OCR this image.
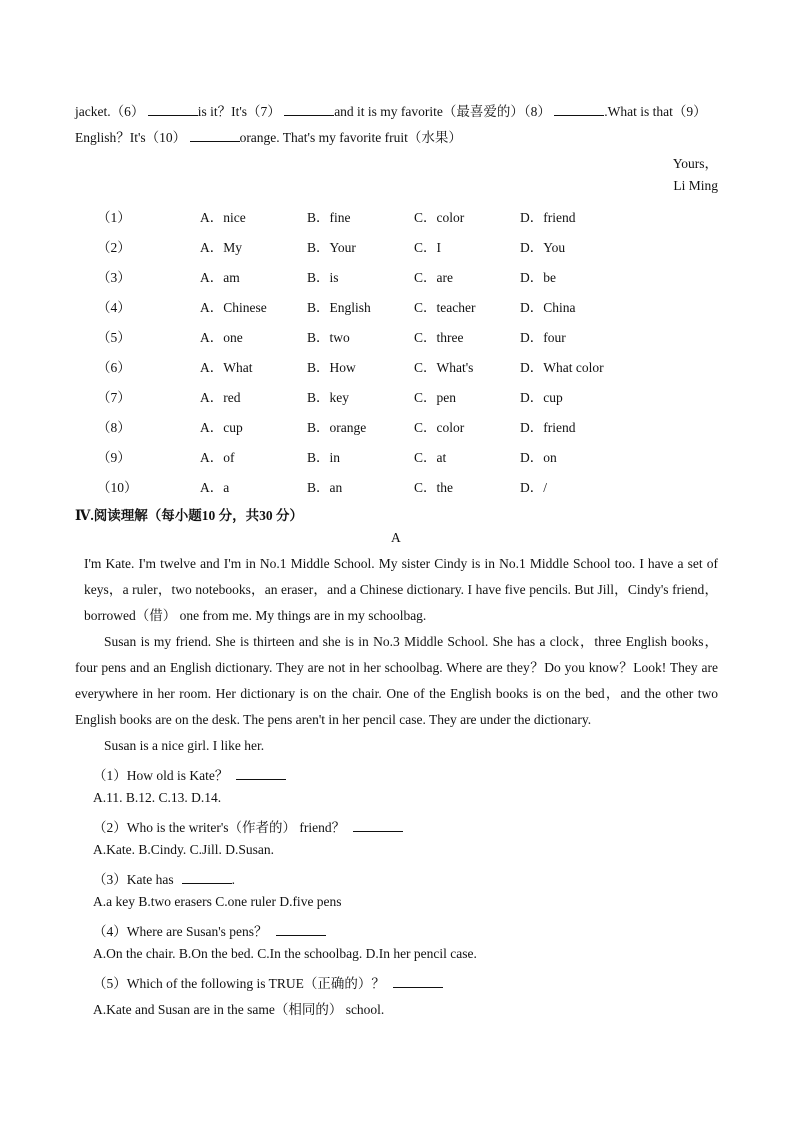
jacket.（6）	is it？It's（7）	and it is my favorite（最喜爱的）（8）	.What is that（9）
English？It's（10）	orange. That's my favorite fruit（水果）
Yours，
Li Ming
（1）	A．nice	B．fine	C．color	D．friend
（2）	A．My	B．Your	C．I	D．You
（3）	A．am	B．is	C．are	D．be
（4）	A．Chinese	B．English	C．teacher	D．China
（5）	A．one	B．two	C．three	D．four
（6）	A．What	B．How	C．What's	D．What color
（7）	A．red	B．key	C．pen	D．cup
（8）	A．cup	B．orange	C．color	D．friend
（9）	A．of	B．in	C．at	D．on
（10）	A．a	B．an	C．the	D．/
Ⅳ.阅读理解（每小题10 分，共30 分）
A
I'm Kate. I'm twelve and I'm in No.1 Middle School. My sister Cindy is in No.1 Middle School too. I have a set of keys，a ruler，two notebooks，an eraser，and a Chinese dictionary. I have five pencils. But Jill，Cindy's friend，borrowed（借） one from me. My things are in my schoolbag.
Susan is my friend. She is thirteen and she is in No.3 Middle School. She has a clock，three English books，four pens and an English dictionary. They are not in her schoolbag. Where are they？Do you know？Look! They are everywhere in her room. Her dictionary is on the chair. One of the English books is on the bed，and the other two English books are on the desk. The pens aren't in her pencil case. They are under the dictionary.
Susan is a nice girl. I like her.
（1）How old is Kate？
A.11. B.12. C.13. D.14.
（2）Who is the writer's（作者的） friend？
A.Kate. B.Cindy. C.Jill. D.Susan.
（3）Kate has	.
A.a key B.two erasers C.one ruler D.five pens
（4）Where are Susan's pens？
A.On the chair. B.On the bed. C.In the schoolbag. D.In her pencil case.
（5）Which of the following is TRUE（正确的）？
A.Kate and Susan are in the same（相同的） school.
